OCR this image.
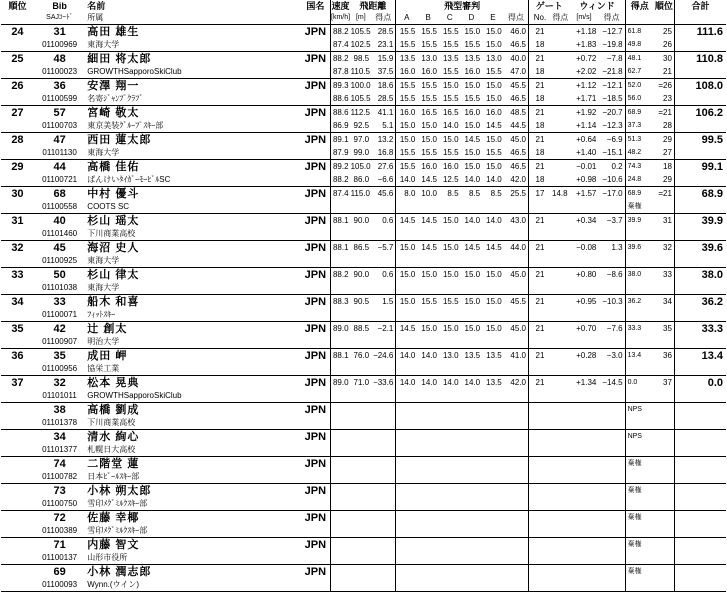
順位	Bib	名前	国名	速度	飛距離		飛型審判						ゲート		ウィンド		得点	順位	合計
	SAJｺｰﾄﾞ	所属		[km/h]	[m]	得点	A	B	C	D	E	得点	No.	得点	[m/s]	得点			
24	31	高田 雄生	JPN	88.2	105.5	28.5	15.5	15.5	15.5	15.0	15.0	46.0	21		+1.18	−12.7	61.8	25	111.6
	01100969	東海大学		87.4	102.5	23.1	15.5	15.5	15.5	15.5	15.0	46.5	18		+1.83	−19.8	49.8	26	
25	48	細田 将太郎	JPN	88.2	98.5	15.9	13.5	13.0	13.5	13.5	13.0	40.0	21		+0.72	−7.8	48.1	30	110.8
	01100023	GROWTHSapporoSkiClub		87.8	110.5	37.5	16.0	16.0	15.5	16.0	15.5	47.0	18		+2.02	−21.8	62.7	21	
26	36	安澤 翔一	JPN	89.3	100.0	18.6	15.5	15.5	15.0	15.0	15.0	45.5	21		+1.12	−12.1	52.0	=26	108.0
	01100599	名寄ｼﾞｬﾝﾌﾟｸﾗﾌﾞ		88.6	105.5	28.5	15.5	15.5	15.5	15.5	15.0	46.5	18		+1.71	−18.5	56.0	23	
27	57	宮崎 敬太	JPN	88.6	112.5	41.1	16.0	16.5	16.5	16.0	16.0	48.5	21		+1.92	−20.7	68.9	=21	106.2
	01100703	東京美装ｸﾞﾙｰﾌﾟｽｷｰ部		86.9	92.5	5.1	15.0	15.0	14.0	15.0	14.5	44.5	18		+1.14	−12.3	37.3	28	
28	47	西田 蓮太郎	JPN	89.1	97.0	13.2	15.0	15.0	15.0	14.5	15.0	45.0	21		+0.64	−6.9	51.3	29	99.5
	01101130	東海大学		87.9	99.0	16.8	15.5	15.5	15.5	15.0	15.5	46.5	18		+1.40	−15.1	48.2	27	
29	44	高橋 佳佑	JPN	89.2	105.0	27.6	15.5	16.0	16.0	15.0	15.0	46.5	21		−0.01	0.2	74.3	18	99.1
	01100721	ぱんけいﾀｲｶﾞｰﾓｰﾋﾞﾙSC		88.2	86.0	−6.6	14.0	14.5	12.5	14.0	14.0	42.0	18		+0.98	−10.6	24.8	29	
30	68	中村 優斗	JPN	87.4	115.0	45.6	8.0	10.0	8.5	8.5	8.5	25.5	17	14.8	+1.57	−17.0	68.9	=21	68.9
	01100558	COOTS SC															棄権		
31	40	杉山 瑶太	JPN	88.1	90.0	0.6	14.5	14.5	15.0	14.0	14.0	43.0	21		+0.34	−3.7	39.9	31	39.9
	01101460	下川商業高校																	
32	45	海沼 史人	JPN	88.1	86.5	−5.7	15.0	14.5	15.0	14.5	14.5	44.0	21		−0.08	1.3	39.6	32	39.6
	01100925	東海大学																	
33	50	杉山 律太	JPN	88.2	90.0	0.6	15.0	15.0	15.0	15.0	15.0	45.0	21		+0.80	−8.6	38.0	33	38.0
	01101038	東海大学																	
34	33	船木 和喜	JPN	88.3	90.5	1.5	15.0	15.5	15.5	15.0	15.0	45.5	21		+0.95	−10.3	36.2	34	36.2
	01100071	ﾌｨｯﾄｽｷｰ																	
35	42	辻 創太	JPN	89.0	88.5	−2.1	14.5	15.0	15.0	15.0	15.0	45.0	21		+0.70	−7.6	33.3	35	33.3
	01100907	明治大学																	
36	35	成田 岬	JPN	88.1	76.0	−24.6	14.0	14.0	13.0	13.5	13.5	41.0	21		+0.28	−3.0	13.4	36	13.4
	01100956	協栄工業																	
37	32	松本 晃典	JPN	89.0	71.0	−33.6	14.0	14.0	14.0	14.0	13.5	42.0	21		+1.34	−14.5	0.0	37	0.0
	01101011	GROWTHSapporoSkiClub																	
	38	高橋 劉成	JPN														NPS		
	01101378	下川商業高校																	
	34	清水 絢心	JPN														NPS		
	01101377	札幌日大高校																	
	74	二階堂 蓮	JPN														棄権		
	01100782	日本ﾋﾞｰﾙｽｷｰ部																	
	73	小林 朔太郎	JPN														棄権		
	01100750	雪印ﾒｸﾞﾐﾙｸｽｷｰ部																	
	72	佐藤 幸椰	JPN														棄権		
	01100389	雪印ﾒｸﾞﾐﾙｸｽｷｰ部																	
	71	内藤 智文	JPN														棄権		
	01100137	山形市役所																	
	69	小林 潤志郎	JPN														棄権		
	01100093	Wynn.(ウイン)																	
